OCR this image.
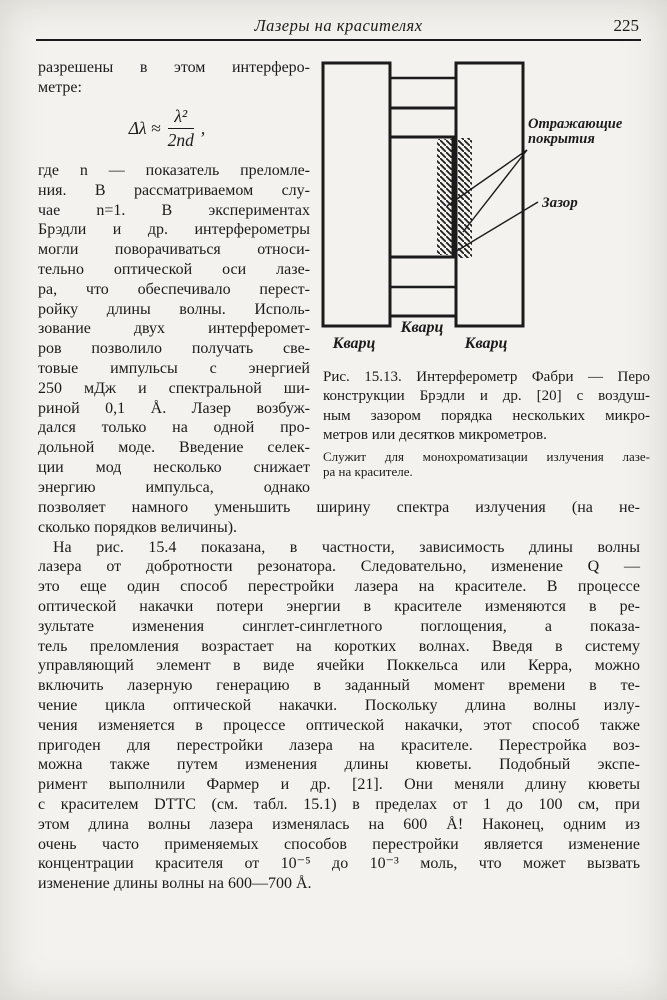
Лазеры на красителях	225
разрешены в этом интерферо-
метре:
$\Delta\lambda \approx \frac{\text{λ²}}{2nd}$ ,
где n — показатель преломле-
ния. В рассматриваемом слу-
чае n=1. В экспериментах
Брэдли и др. интерферометры
могли поворачиваться относи-
тельно оптической оси лазе-
ра, что обеспечивало перест-
ройку длины волны. Исполь-
зование двух интерферомет-
ров позволило получать све-
товые импульсы с энергией
250 мДж и спектральной ши-
риной 0,1 Å. Лазер возбуж-
дался только на одной про-
дольной моде. Введение селек-
ции мод несколько снижает
энергию импульса, однако
Отражающие
покрытия
Зазор
Кварц
Кварц	Кварц
Рис. 15.13. Интерферометр Фабри — Перо
конструкции Брэдли и др. [20] с воздуш-
ным зазором порядка нескольких микро-
метров или десятков микрометров.
Служит для монохроматизации излучения лазе-
ра на красителе.
позволяет намного уменьшить ширину спектра излучения (на не-
сколько порядков величины).
На рис. 15.4 показана, в частности, зависимость длины волны
лазера от добротности резонатора. Следовательно, изменение Q —
это еще один способ перестройки лазера на красителе. В процессе
оптической накачки потери энергии в красителе изменяются в ре-
зультате изменения синглет-синглетного поглощения, а показа-
тель преломления возрастает на коротких волнах. Введя в систему
управляющий элемент в виде ячейки Поккельса или Керра, можно
включить лазерную генерацию в заданный момент времени в те-
чение цикла оптической накачки. Поскольку длина волны излу-
чения изменяется в процессе оптической накачки, этот способ также
пригоден для перестройки лазера на красителе. Перестройка воз-
можна также путем изменения длины кюветы. Подобный экспе-
римент выполнили Фармер и др. [21]. Они меняли длину кюветы
с красителем DTTC (см. табл. 15.1) в пределах от 1 до 100 см, при
этом длина волны лазера изменялась на 600 Å! Наконец, одним из
очень часто применяемых способов перестройки является изменение
концентрации красителя от 10⁻⁵ до 10⁻³ моль, что может вызвать
изменение длины волны на 600—700 Å.
